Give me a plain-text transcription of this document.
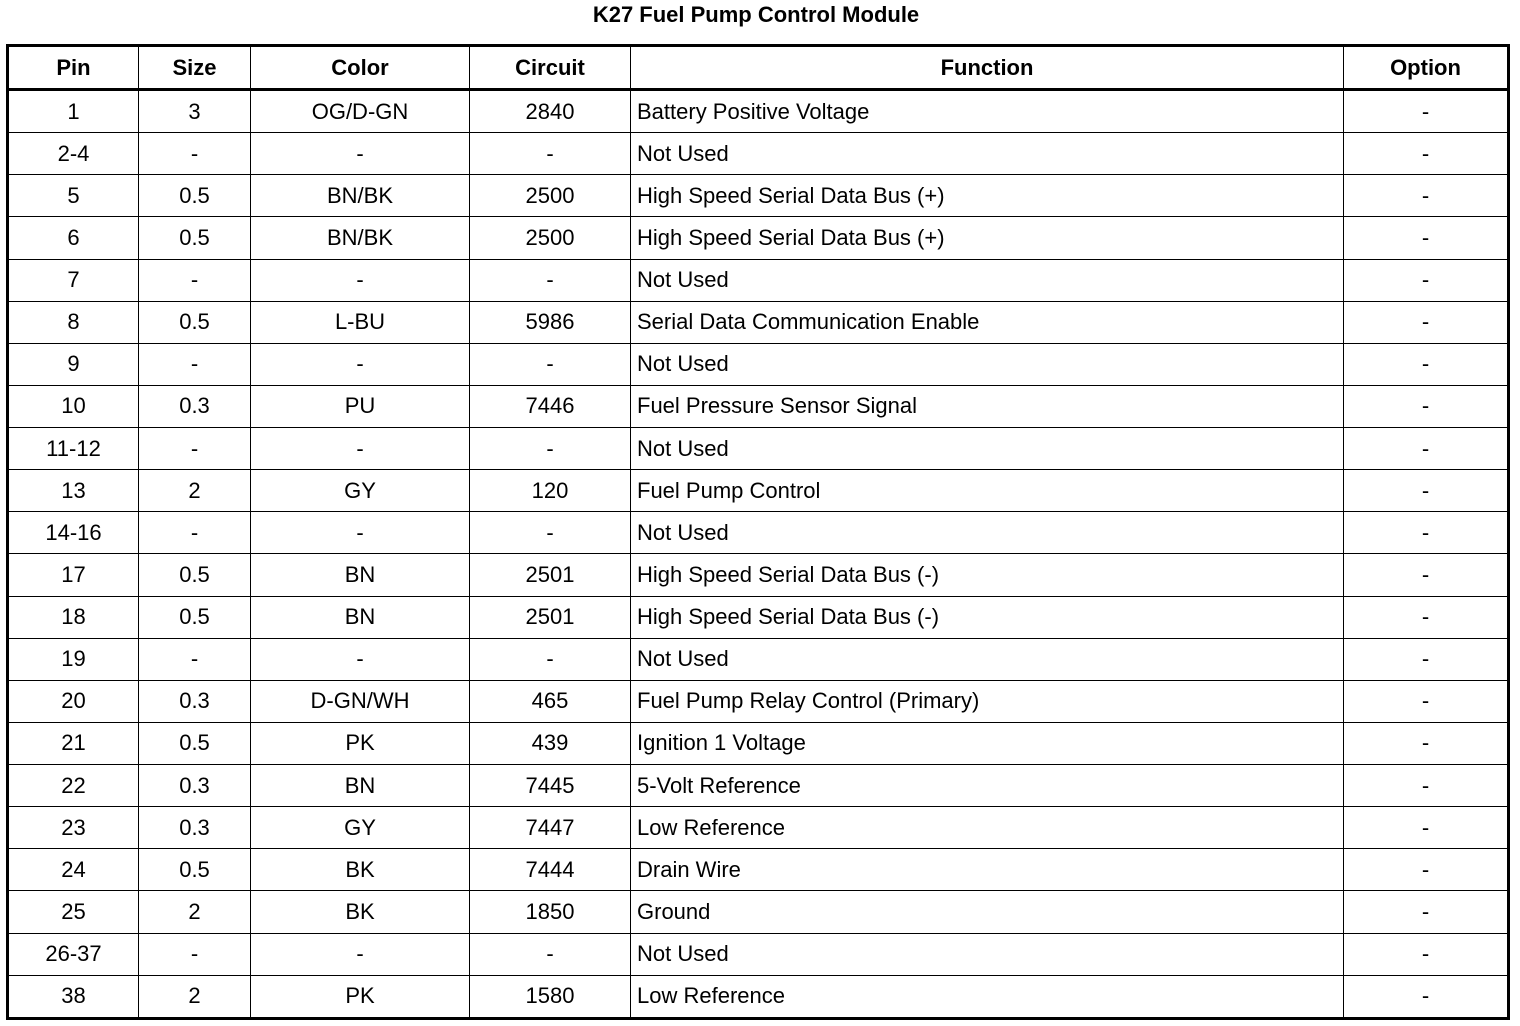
K27 Fuel Pump Control Module
Pin	Size	Color	Circuit	Function	Option
1	3	OG/D-GN	2840	Battery Positive Voltage	-
2-4	-	-	-	Not Used	-
5	0.5	BN/BK	2500	High Speed Serial Data Bus (+)	-
6	0.5	BN/BK	2500	High Speed Serial Data Bus (+)	-
7	-	-	-	Not Used	-
8	0.5	L-BU	5986	Serial Data Communication Enable	-
9	-	-	-	Not Used	-
10	0.3	PU	7446	Fuel Pressure Sensor Signal	-
11-12	-	-	-	Not Used	-
13	2	GY	120	Fuel Pump Control	-
14-16	-	-	-	Not Used	-
17	0.5	BN	2501	High Speed Serial Data Bus (-)	-
18	0.5	BN	2501	High Speed Serial Data Bus (-)	-
19	-	-	-	Not Used	-
20	0.3	D-GN/WH	465	Fuel Pump Relay Control (Primary)	-
21	0.5	PK	439	Ignition 1 Voltage	-
22	0.3	BN	7445	5-Volt Reference	-
23	0.3	GY	7447	Low Reference	-
24	0.5	BK	7444	Drain Wire	-
25	2	BK	1850	Ground	-
26-37	-	-	-	Not Used	-
38	2	PK	1580	Low Reference	-
